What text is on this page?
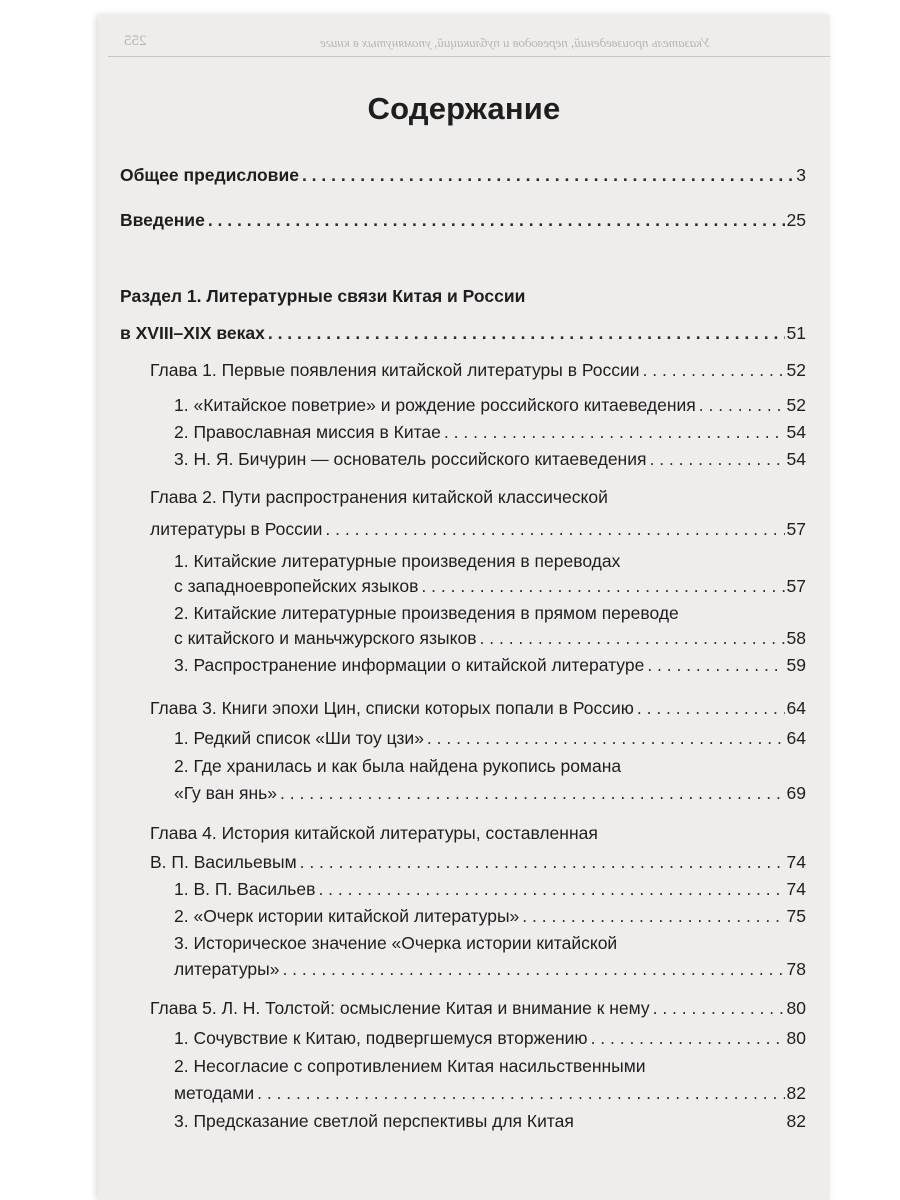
255	Указатель произведений, переводов и публикаций, упомянутых в книге
Содержание
Общее предисловие . . .	3
Введение . . .	25
Раздел 1. Литературные связи Китая и России
в XVIII–XIX веках . . .	51
Глава 1. Первые появления китайской литературы в России . . .	52
1. «Китайское поветрие» и рождение российского китаеведения . . .	52
2. Православная миссия в Китае . . .	54
3. Н. Я. Бичурин — основатель российского китаеведения . . .	54
Глава 2. Пути распространения китайской классической
литературы в России . . .	57
1. Китайские литературные произведения в переводах
с западноевропейских языков . . .	57
2. Китайские литературные произведения в прямом переводе
с китайского и маньчжурского языков . . .	58
3. Распространение информации о китайской литературе . . .	59
Глава 3. Книги эпохи Цин, списки которых попали в Россию . . .	64
1. Редкий список «Ши тоу цзи» . . .	64
2. Где хранилась и как была найдена рукопись романа
«Гу ван янь» . . .	69
Глава 4. История китайской литературы, составленная
В. П. Васильевым . . .	74
1. В. П. Васильев . . .	74
2. «Очерк истории китайской литературы» . . .	75
3. Историческое значение «Очерка истории китайской
литературы» . . .	78
Глава 5. Л. Н. Толстой: осмысление Китая и внимание к нему . . .	80
1. Сочувствие к Китаю, подвергшемуся вторжению . . .	80
2. Несогласие с сопротивлением Китая насильственными
методами . . .	82
3. Предсказание светлой перспективы для Китая	82
